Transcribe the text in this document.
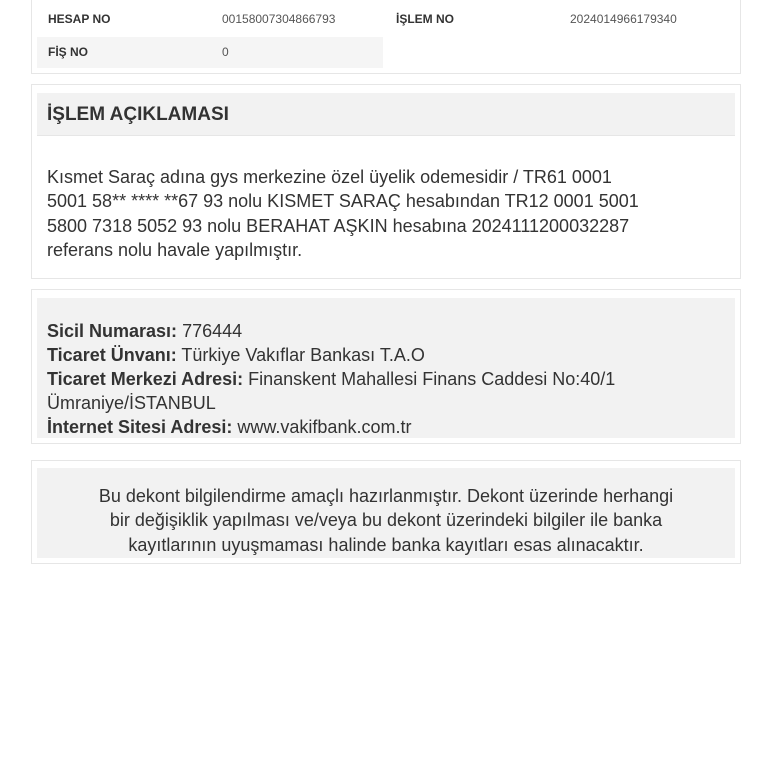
HESAP NO	00158007304866793	İŞLEM NO	2024014966179340
FİŞ NO	0
İŞLEM AÇIKLAMASI
Kısmet Saraç adına gys merkezine özel üyelik odemesidir / TR61 0001
5001 58** **** **67 93 nolu KISMET SARAÇ hesabından TR12 0001 5001
5800 7318 5052 93 nolu BERAHAT AŞKIN hesabına 2024111200032287
referans nolu havale yapılmıştır.
Sicil Numarası: 776444
Ticaret Ünvanı: Türkiye Vakıflar Bankası T.A.O
Ticaret Merkezi Adresi: Finanskent Mahallesi Finans Caddesi No:40/1
Ümraniye/İSTANBUL
İnternet Sitesi Adresi: www.vakifbank.com.tr
Bu dekont bilgilendirme amaçlı hazırlanmıştır. Dekont üzerinde herhangi
bir değişiklik yapılması ve/veya bu dekont üzerindeki bilgiler ile banka
kayıtlarının uyuşmaması halinde banka kayıtları esas alınacaktır.
